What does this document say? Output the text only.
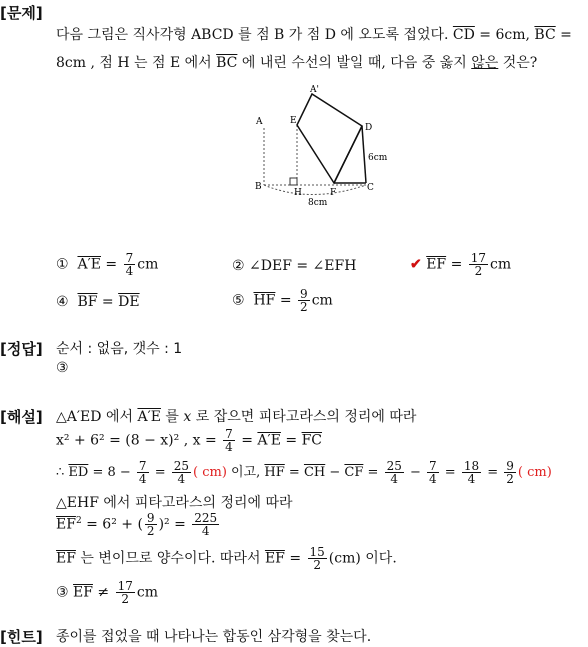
[문제]
다음 그림은 직사각형 ABCD 를 점 B 가 점 D 에 오도록 접었다. $\overline{CD} = 6cm$, $\overline{BC}$ =
8cm , 점 H 는 점 E 에서 $\overline{BC}$ 에 내린 수선의 발일 때, 다음 중 옳지 않은 것은?
A'
A	E
D
B
H	F	C
6cm
8cm
① $A'E = \frac{7}{4}$ cm	② ∠DEF = ∠EFH	✔ $\overline{EF} = \frac{17}{2}$ cm
④ $\overline{BF} = \overline{DE}$	⑤ $\overline{HF} = \frac{9}{2}$ cm
[정답] 순서 : 없음, 갯수 : 1
③
[해설] △A′ED 에서 A′E 를 x 로 잡으면 피타고라스의 정리에 따라
x² + 6² = (8 − x)² , $x = \frac{7}{4} = A'E = \overline{FC}$
∴ $\overline{ED} = 8 - \frac{7}{4} = \frac{25}{4}$ ( cm) 이고, $\overline{HF} = \overline{CH} - \overline{CF} = \frac{25}{4} - \frac{7}{4} = \frac{18}{4} = \frac{9}{2}$ ( cm)
△EHF 에서 피타고라스의 정리에 따라
$\overline{EF}^2 = 6^2$ + ( $\frac{9}{2} )^2 = \frac{225}{4}$
$\overline{EF}$ 는 변이므로 양수이다. 따라서 $\overline{EF} = \frac{15}{2} (cm)$ 이다.
③ $\overline{EF} \ne \frac{17}{2}$ cm
[힌트] 종이를 접었을 때 나타나는 합동인 삼각형을 찾는다.
